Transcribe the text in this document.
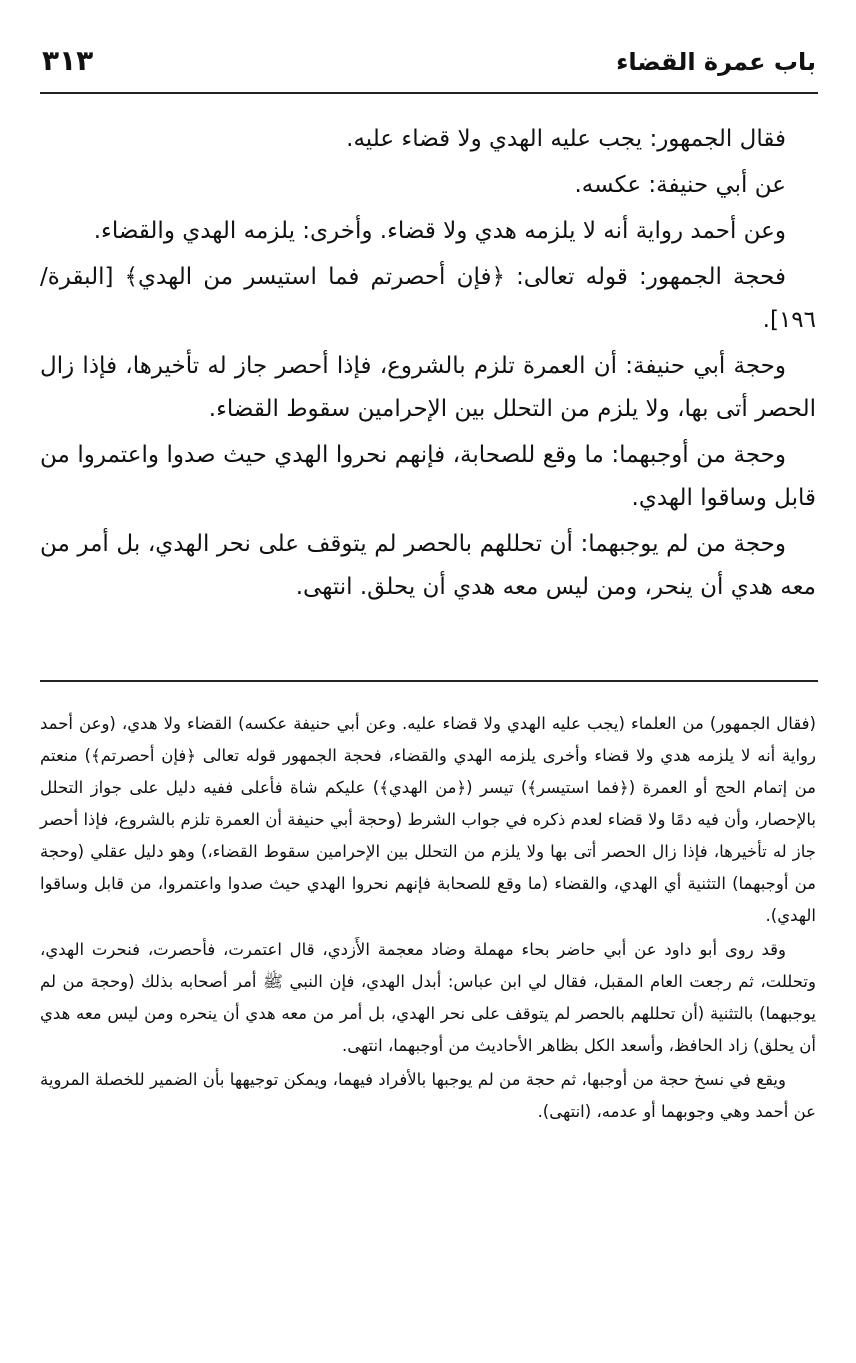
باب عمرة القضاء
٣١٣

فقال الجمهور: يجب عليه الهدي ولا قضاء عليه.

عن أبي حنيفة: عكسه.

وعن أحمد رواية أنه لا يلزمه هدي ولا قضاء. وأخرى: يلزمه الهدي والقضاء.

فحجة الجمهور: قوله تعالى: ﴿فإن أحصرتم فما استيسر من الهدي﴾ [البقرة/١٩٦].

وحجة أبي حنيفة: أن العمرة تلزم بالشروع، فإذا أحصر جاز له تأخيرها، فإذا زال الحصر أتى بها، ولا يلزم من التحلل بين الإحرامين سقوط القضاء.

وحجة من أوجبهما: ما وقع للصحابة، فإنهم نحروا الهدي حيث صدوا واعتمروا من قابل وساقوا الهدي.

وحجة من لم يوجبهما: أن تحللهم بالحصر لم يتوقف على نحر الهدي، بل أمر من معه هدي أن ينحر، ومن ليس معه هدي أن يحلق. انتهى.

(فقال الجمهور) من العلماء (يجب عليه الهدي ولا قضاء عليه. وعن أبي حنيفة عكسه) القضاء ولا هدي، (وعن أحمد رواية أنه لا يلزمه هدي ولا قضاء وأخرى يلزمه الهدي والقضاء، فحجة الجمهور قوله تعالى ﴿فإن أحصرتم﴾) منعتم من إتمام الحج أو العمرة (﴿فما استيسر﴾) تيسر (﴿من الهدي﴾) عليكم شاة فأعلى ففيه دليل على جواز التحلل بالإحصار، وأن فيه دمًا ولا قضاء لعدم ذكره في جواب الشرط (وحجة أبي حنيفة أن العمرة تلزم بالشروع، فإذا أحصر جاز له تأخيرها، فإذا زال الحصر أتى بها ولا يلزم من التحلل بين الإحرامين سقوط القضاء،) وهو دليل عقلي (وحجة من أوجبهما) التثنية أي الهدي، والقضاء (ما وقع للصحابة فإنهم نحروا الهدي حيث صدوا واعتمروا، من قابل وساقوا الهدي).

وقد روى أبو داود عن أبي حاضر بحاء مهملة وضاد معجمة الأَزدي، قال اعتمرت، فأحصرت، فنحرت الهدي، وتحللت، ثم رجعت العام المقبل، فقال لي ابن عباس: أبدل الهدي، فإن النبي ﷺ أمر أصحابه بذلك (وحجة من لم يوجبهما) بالتثنية (أن تحللهم بالحصر لم يتوقف على نحر الهدي، بل أمر من معه هدي أن ينحره ومن ليس معه هدي أن يحلق) زاد الحافظ، وأسعد الكل بظاهر الأحاديث من أوجبهما، انتهى.

ويقع في نسخ حجة من أوجبها، ثم حجة من لم يوجبها بالأفراد فيهما، ويمكن توجيهها بأن الضمير للخصلة المروية عن أحمد وهي وجوبهما أو عدمه، (انتهى).
